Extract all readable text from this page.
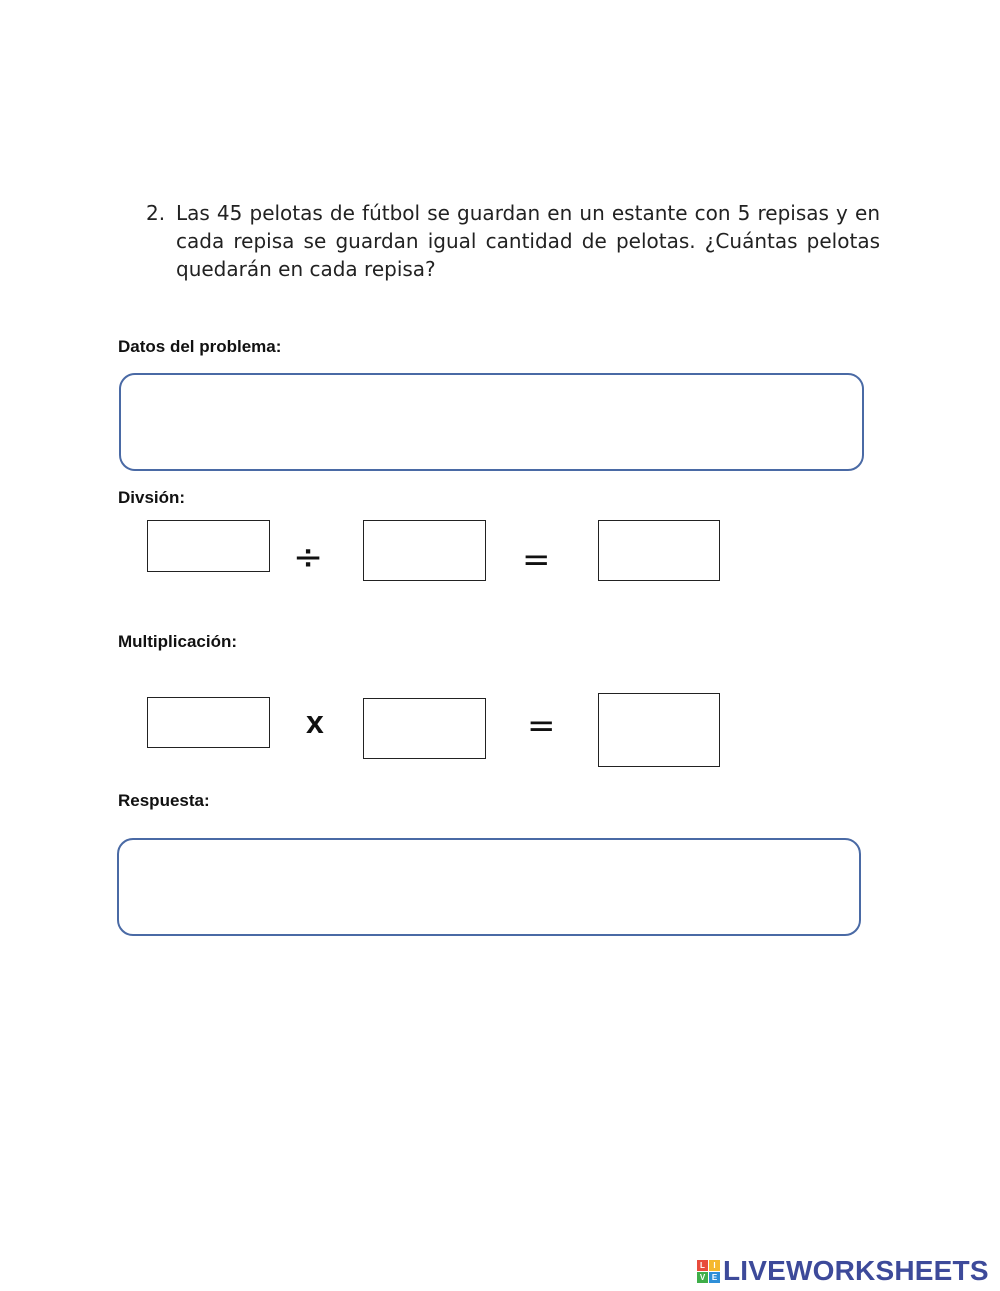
2. Las 45 pelotas de fútbol se guardan en un estante con 5 repisas y en cada repisa se guardan igual cantidad de pelotas. ¿Cuántas pelotas quedarán en cada repisa?
Datos del problema:
Divsión:
÷	=
Multiplicación:
x	=
Respuesta:
L	I
V E LIVEWORKSHEETS
